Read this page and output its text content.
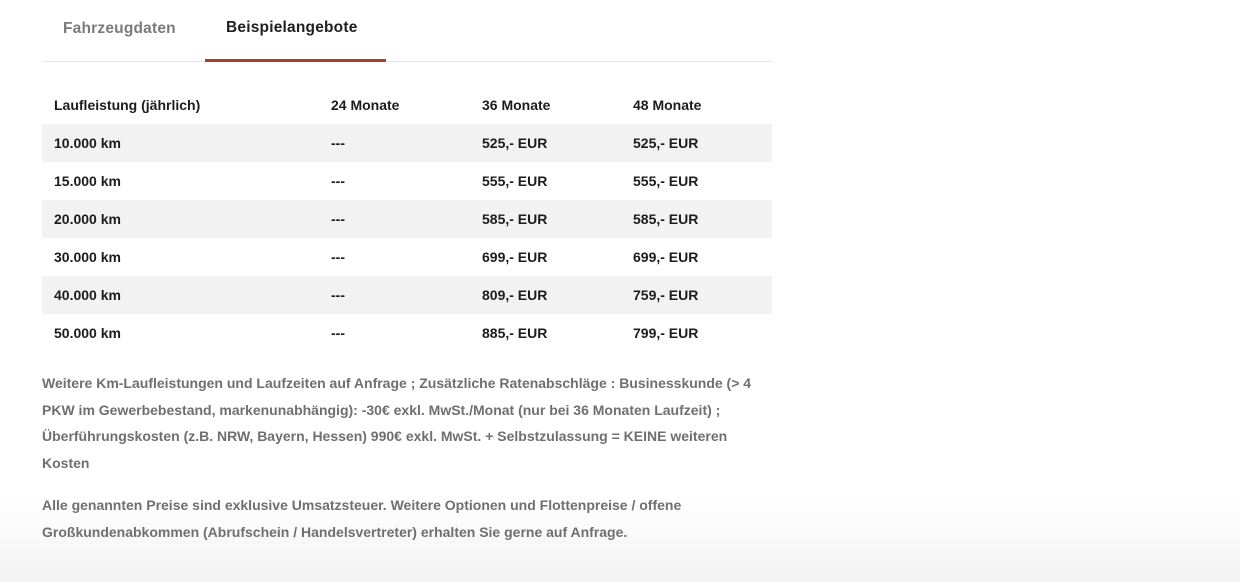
Fahrzeugdaten	Beispielangebote
Laufleistung (jährlich)	24 Monate	36 Monate	48 Monate
10.000 km	---	525,- EUR	525,- EUR
15.000 km	---	555,- EUR	555,- EUR
20.000 km	---	585,- EUR	585,- EUR
30.000 km	---	699,- EUR	699,- EUR
40.000 km	---	809,- EUR	759,- EUR
50.000 km	---	885,- EUR	799,- EUR

Weitere Km-Laufleistungen und Laufzeiten auf Anfrage ; Zusätzliche Ratenabschläge : Businesskunde (> 4 PKW im Gewerbebestand, markenunabhängig): -30€ exkl. MwSt./Monat (nur bei 36 Monaten Laufzeit) ; Überführungskosten (z.B. NRW, Bayern, Hessen) 990€ exkl. MwSt. + Selbstzulassung = KEINE weiteren Kosten

Alle genannten Preise sind exklusive Umsatzsteuer. Weitere Optionen und Flottenpreise / offene Großkundenabkommen (Abrufschein / Handelsvertreter) erhalten Sie gerne auf Anfrage.
